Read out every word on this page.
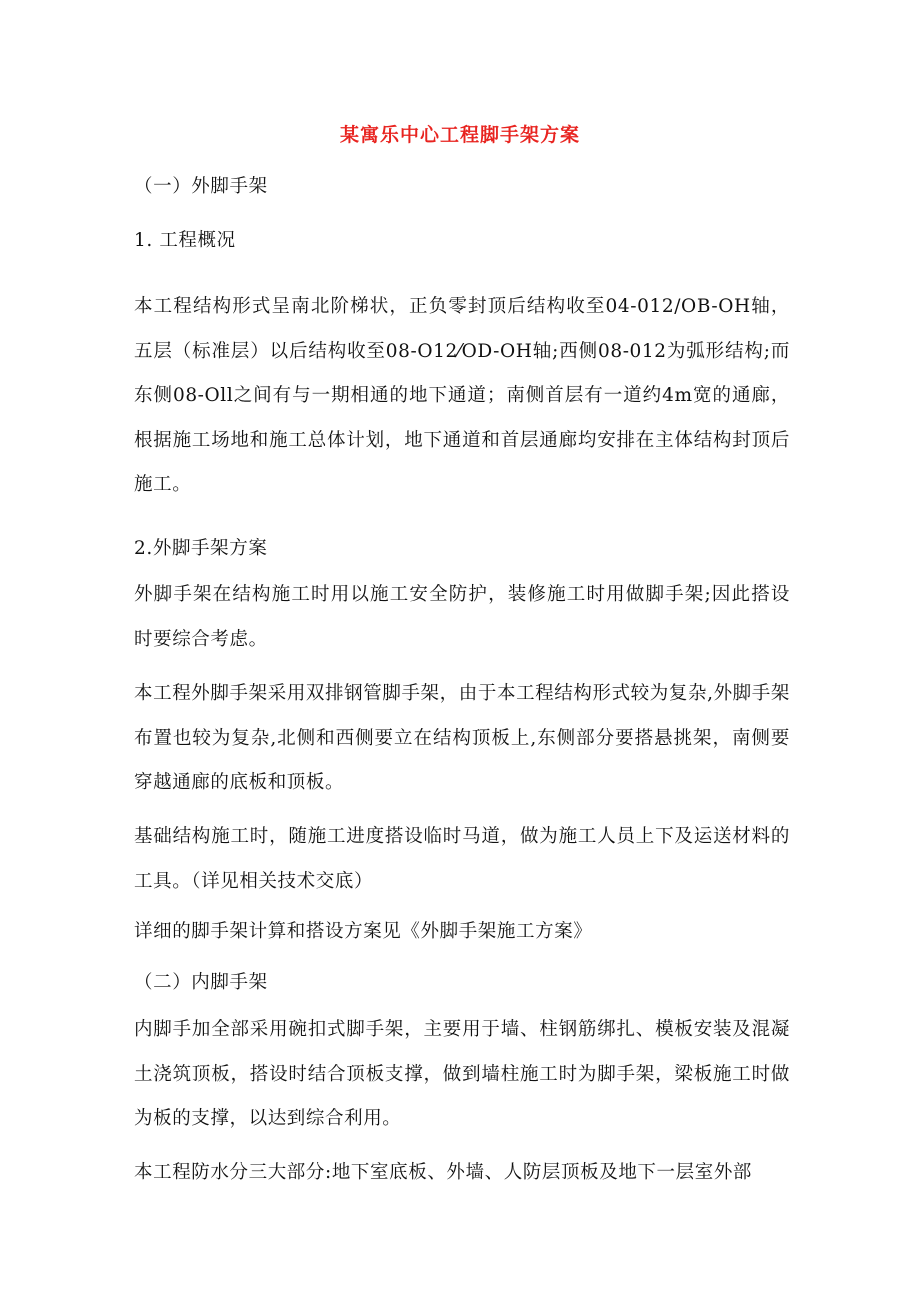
某寓乐中心工程脚手架方案
（一）外脚手架
1. 工程概况
本工程结构形式呈南北阶梯状，正负零封顶后结构收至04-012/OB-OH轴，五层（标准层）以后结构收至08-O12⁄OD-OH轴;西侧08-012为弧形结构;而东侧08-Oll之间有与一期相通的地下通道；南侧首层有一道约4m宽的通廊，根据施工场地和施工总体计划，地下通道和首层通廊均安排在主体结构封顶后施工。
2.外脚手架方案
外脚手架在结构施工时用以施工安全防护，装修施工时用做脚手架;因此搭设时要综合考虑。
本工程外脚手架采用双排钢管脚手架，由于本工程结构形式较为复杂,外脚手架布置也较为复杂,北侧和西侧要立在结构顶板上,东侧部分要搭悬挑架，南侧要穿越通廊的底板和顶板。
基础结构施工时，随施工进度搭设临时马道，做为施工人员上下及运送材料的工具。（详见相关技术交底）
详细的脚手架计算和搭设方案见《外脚手架施工方案》
（二）内脚手架
内脚手加全部采用碗扣式脚手架，主要用于墙、柱钢筋绑扎、模板安装及混凝土浇筑顶板，搭设时结合顶板支撑，做到墙柱施工时为脚手架，梁板施工时做为板的支撑，以达到综合利用。
本工程防水分三大部分:地下室底板、外墙、人防层顶板及地下一层室外部
